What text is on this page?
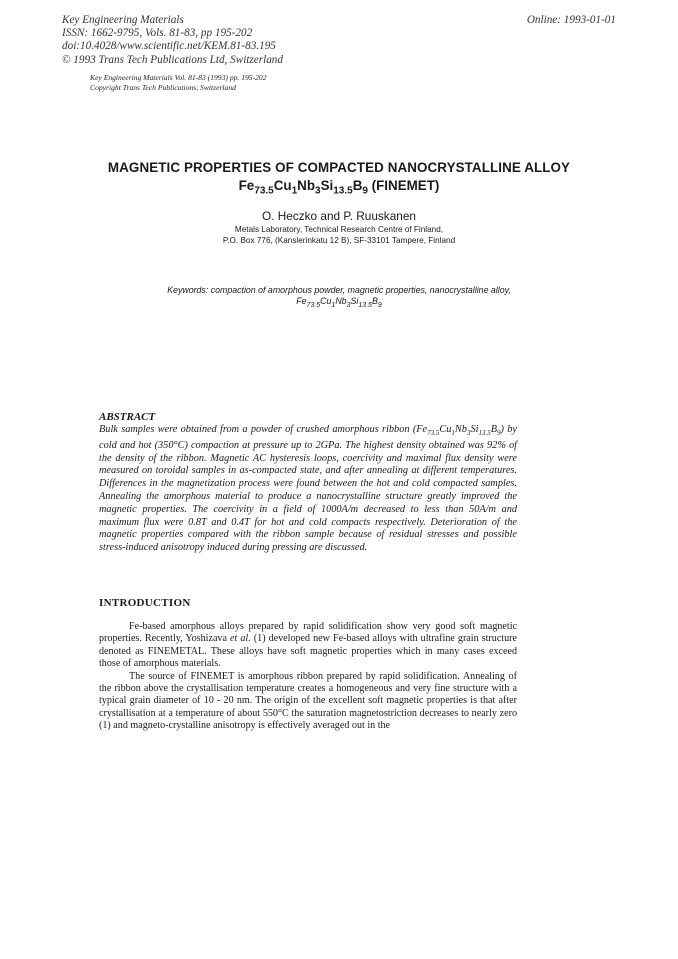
Key Engineering Materials
ISSN: 1662-9795, Vols. 81-83, pp 195-202
doi:10.4028/www.scientific.net/KEM.81-83.195
© 1993 Trans Tech Publications Ltd, Switzerland
Online: 1993-01-01
Key Engineering Materials Vol. 81-83 (1993) pp. 195-202
Copyright Trans Tech Publications, Switzerland
MAGNETIC PROPERTIES OF COMPACTED NANOCRYSTALLINE ALLOY
$Fe_{73.5}Cu_1Nb_3Si_{13.5}B_9$ (FINEMET)
O. Heczko and P. Ruuskanen
Metals Laboratory, Technical Research Centre of Finland,
P.O. Box 776, (Kanslerinkatu 12 B), SF-33101 Tampere, Finland
Keywords: compaction of amorphous powder, magnetic properties, nanocrystalline alloy,
$Fe_{73.5}Cu_1Nb_3Si_{13.5}B_9$
ABSTRACT
Bulk samples were obtained from a powder of crushed amorphous ribbon $(Fe_{73.5}Cu_1Nb_3Si_{13.5}B_9)$ by cold and hot (350°C) compaction at pressure up to 2GPa. The highest density obtained was 92% of the density of the ribbon. Magnetic AC hysteresis loops, coercivity and maximal flux density were measured on toroidal samples in as-compacted state, and after annealing at different temperatures. Differences in the magnetization process were found between the hot and cold compacted samples. Annealing the amorphous material to produce a nanocrystalline structure greatly improved the magnetic properties. The coercivity in a field of 1000A/m decreased to less than 50A/m and maximum flux were 0.8T and 0.4T for hot and cold compacts respectively. Deterioration of the magnetic properties compared with the ribbon sample because of residual stresses and possible stress-induced anisotropy induced during pressing are discussed.
INTRODUCTION

Fe-based amorphous alloys prepared by rapid solidification show very good soft magnetic properties. Recently, Yoshizava et al. (1) developed new Fe-based alloys with ultrafine grain structure denoted as FINEMETAL. These alloys have soft magnetic properties which in many cases exceed those of amorphous materials.

The source of FINEMET is amorphous ribbon prepared by rapid solidification. Annealing of the ribbon above the crystallisation temperature creates a homogeneous and very fine structure with a typical grain diameter of 10 - 20 nm. The origin of the excellent soft magnetic properties is that after crystallisation at a temperature of about 550°C the saturation magnetostriction decreases to nearly zero (1) and magneto-crystalline anisotropy is effectively averaged out in the
